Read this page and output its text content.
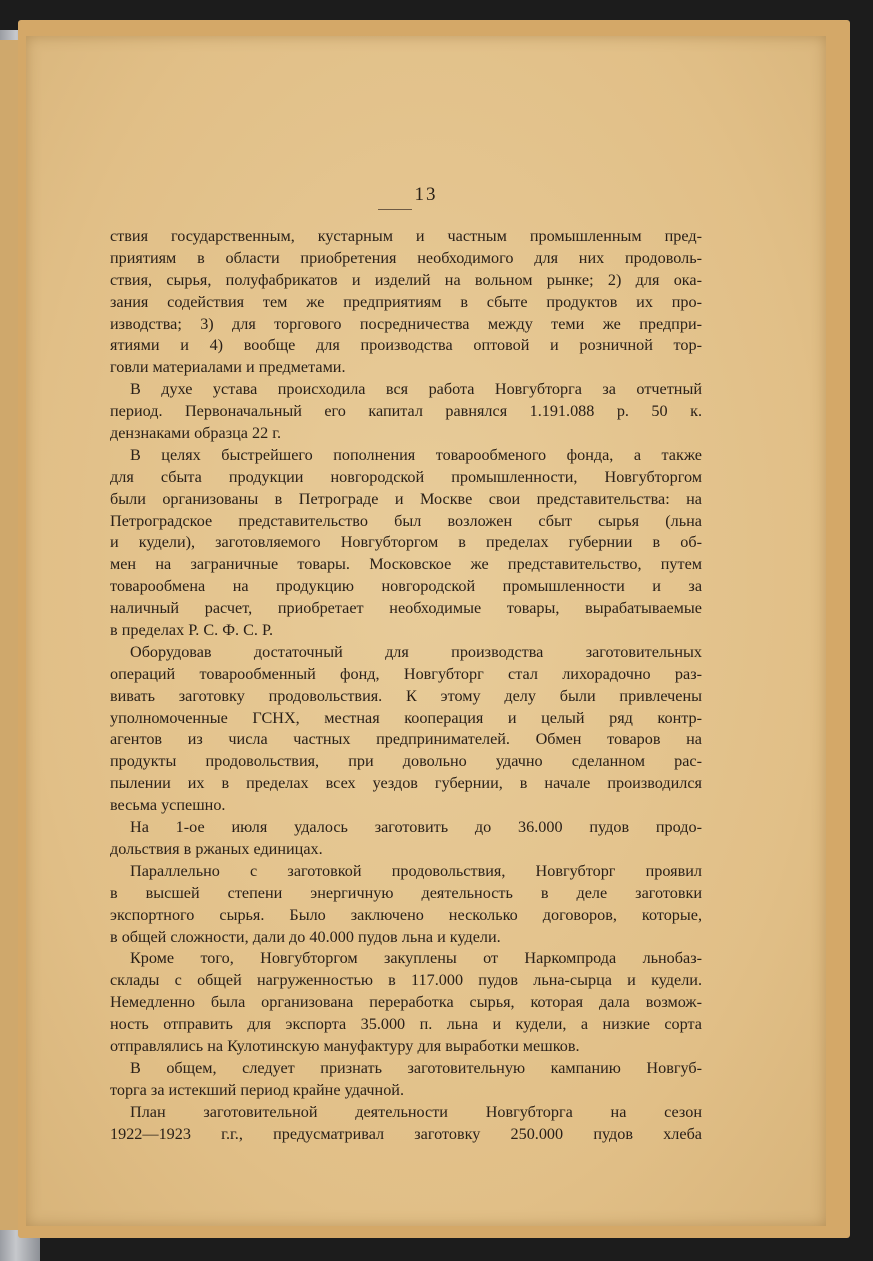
13
ствия государственным, кустарным и частным промышленным пред-
приятиям в области приобретения необходимого для них продоволь-
ствия, сырья, полуфабрикатов и изделий на вольном рынке; 2) для ока-
зания содействия тем же предприятиям в сбыте продуктов их про-
изводства; 3) для торгового посредничества между теми же предпри-
ятиями и 4) вообще для производства оптовой и розничной тор-
говли материалами и предметами.
В духе устава происходила вся работа Новгубторга за отчетный
период. Первоначальный его капитал равнялся 1.191.088 р. 50 к.
дензнаками образца 22 г.
В целях быстрейшего пополнения товарообменого фонда, а также
для сбыта продукции новгородской промышленности, Новгубторгом
были организованы в Петрограде и Москве свои представительства: на
Петроградское представительство был возложен сбыт сырья (льна
и кудели), заготовляемого Новгубторгом в пределах губернии в об-
мен на заграничные товары. Московское же представительство, путем
товарообмена на продукцию новгородской промышленности и за
наличный расчет, приобретает необходимые товары, вырабатываемые
в пределах Р. С. Ф. С. Р.
Оборудовав достаточный для производства заготовительных
операций товарообменный фонд, Новгубторг стал лихорадочно раз-
вивать заготовку продовольствия. К этому делу были привлечены
уполномоченные ГСНХ, местная кооперация и целый ряд контр-
агентов из числа частных предпринимателей. Обмен товаров на
продукты продовольствия, при довольно удачно сделанном рас-
пылении их в пределах всех уездов губернии, в начале производился
весьма успешно.
На 1-ое июля удалось заготовить до 36.000 пудов продо-
дольствия в ржаных единицах.
Параллельно с заготовкой продовольствия, Новгубторг проявил
в высшей степени энергичную деятельность в деле заготовки
экспортного сырья. Было заключено несколько договоров, которые,
в общей сложности, дали до 40.000 пудов льна и кудели.
Кроме того, Новгубторгом закуплены от Наркомпрода льнобаз-
склады с общей нагруженностью в 117.000 пудов льна-сырца и кудели.
Немедленно была организована переработка сырья, которая дала возмож-
ность отправить для экспорта 35.000 п. льна и кудели, а низкие сорта
отправлялись на Кулотинскую мануфактуру для выработки мешков.
В общем, следует признать заготовительную кампанию Новгуб-
торга за истекший период крайне удачной.
План заготовительной деятельности Новгубторга на сезон
1922—1923 г.г., предусматривал заготовку 250.000 пудов хлеба
